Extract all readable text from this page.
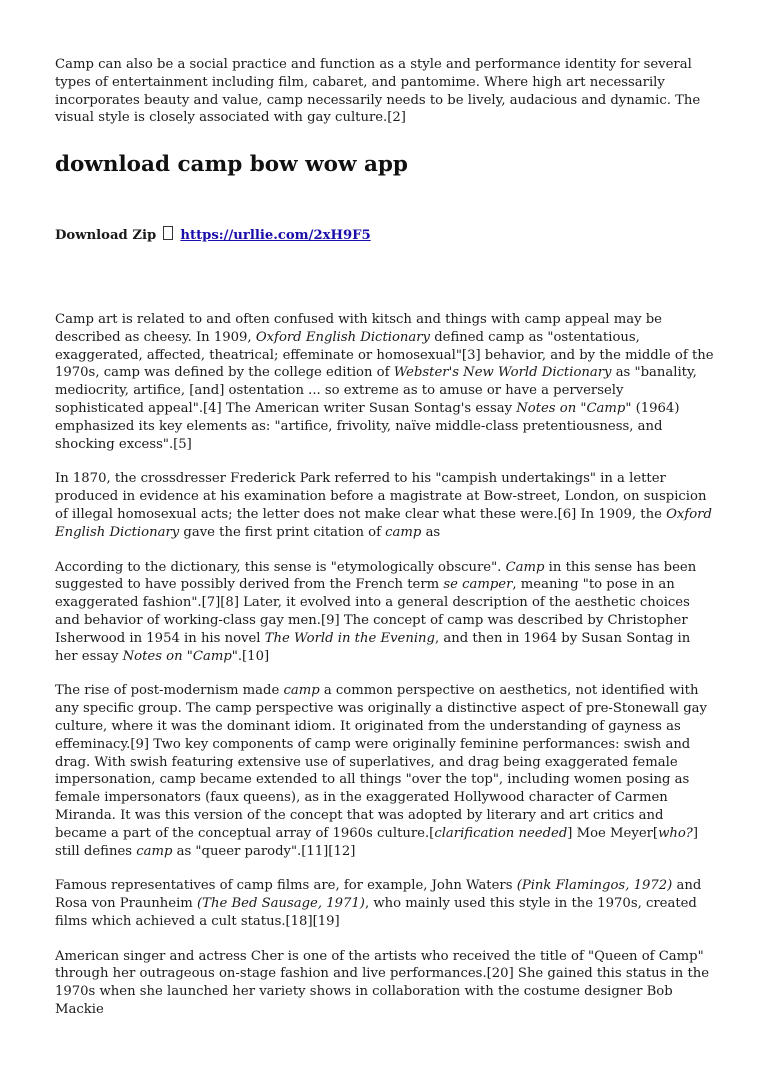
Camp can also be a social practice and function as a style and performance identity for several types of entertainment including film, cabaret, and pantomime. Where high art necessarily incorporates beauty and value, camp necessarily needs to be lively, audacious and dynamic. The visual style is closely associated with gay culture.[2]

download camp bow wow app

Download Zip https://urllie.com/2xH9F5

Camp art is related to and often confused with kitsch and things with camp appeal may be described as cheesy. In 1909, Oxford English Dictionary defined camp as "ostentatious, exaggerated, affected, theatrical; effeminate or homosexual"[3] behavior, and by the middle of the 1970s, camp was defined by the college edition of Webster's New World Dictionary as "banality, mediocrity, artifice, [and] ostentation ... so extreme as to amuse or have a perversely sophisticated appeal".[4] The American writer Susan Sontag's essay Notes on "Camp" (1964) emphasized its key elements as: "artifice, frivolity, naïve middle-class pretentiousness, and shocking excess".[5]

In 1870, the crossdresser Frederick Park referred to his "campish undertakings" in a letter produced in evidence at his examination before a magistrate at Bow-street, London, on suspicion of illegal homosexual acts; the letter does not make clear what these were.[6] In 1909, the Oxford English Dictionary gave the first print citation of camp as

According to the dictionary, this sense is "etymologically obscure". Camp in this sense has been suggested to have possibly derived from the French term se camper, meaning "to pose in an exaggerated fashion".[7][8] Later, it evolved into a general description of the aesthetic choices and behavior of working-class gay men.[9] The concept of camp was described by Christopher Isherwood in 1954 in his novel The World in the Evening, and then in 1964 by Susan Sontag in her essay Notes on "Camp".[10]

The rise of post-modernism made camp a common perspective on aesthetics, not identified with any specific group. The camp perspective was originally a distinctive aspect of pre-Stonewall gay culture, where it was the dominant idiom. It originated from the understanding of gayness as effeminacy.[9] Two key components of camp were originally feminine performances: swish and drag. With swish featuring extensive use of superlatives, and drag being exaggerated female impersonation, camp became extended to all things "over the top", including women posing as female impersonators (faux queens), as in the exaggerated Hollywood character of Carmen Miranda. It was this version of the concept that was adopted by literary and art critics and became a part of the conceptual array of 1960s culture.[clarification needed] Moe Meyer[who?] still defines camp as "queer parody".[11][12]

Famous representatives of camp films are, for example, John Waters (Pink Flamingos, 1972) and Rosa von Praunheim (The Bed Sausage, 1971), who mainly used this style in the 1970s, created films which achieved a cult status.[18][19]

American singer and actress Cher is one of the artists who received the title of "Queen of Camp" through her outrageous on-stage fashion and live performances.[20] She gained this status in the 1970s when she launched her variety shows in collaboration with the costume designer Bob Mackie
